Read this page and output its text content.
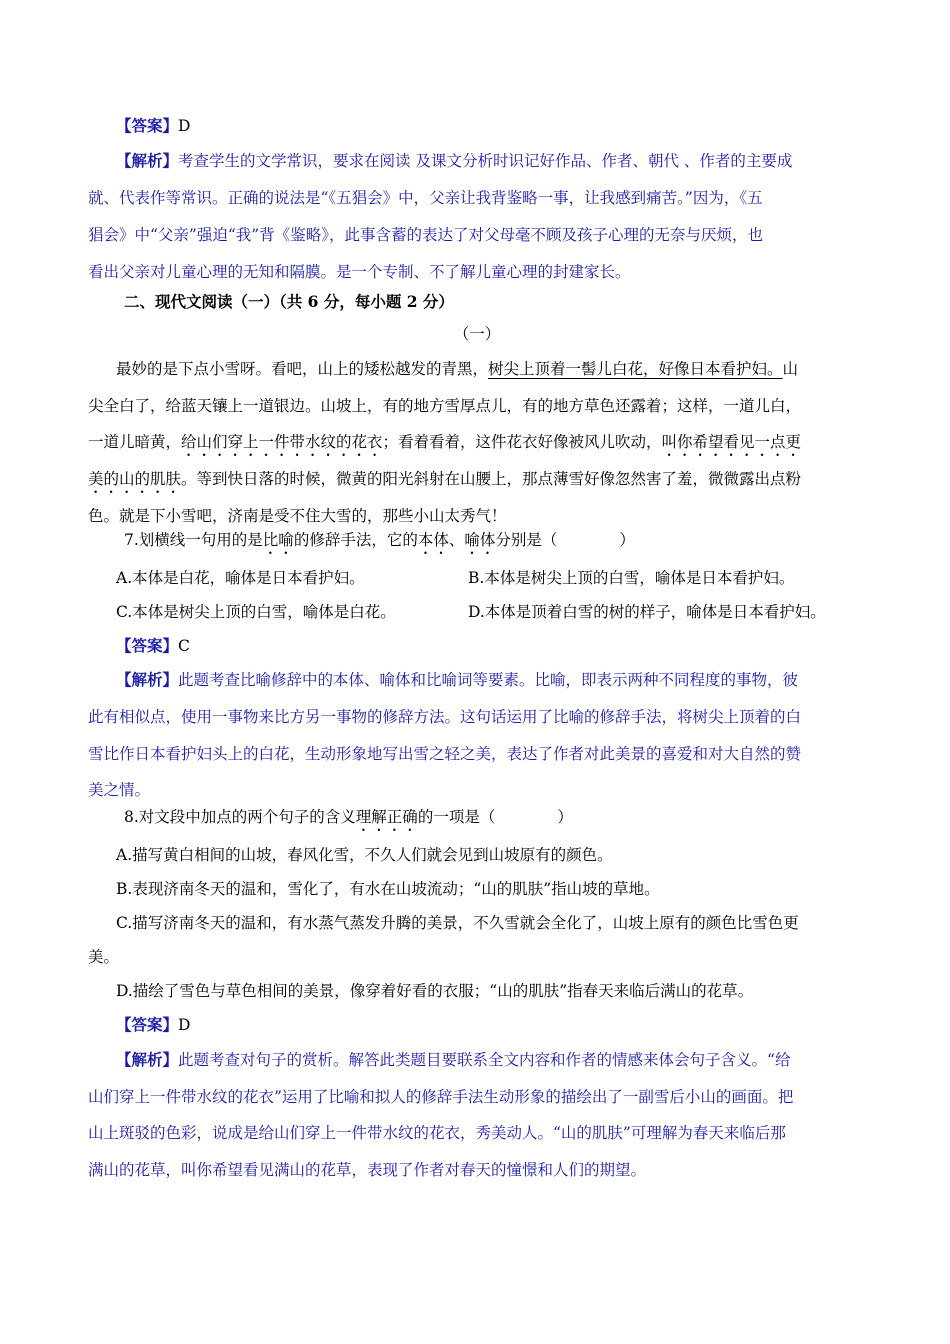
【答案】D
【解析】考查学生的文学常识，要求在阅读 及课文分析时识记好作品、作者、朝代 、作者的主要成
就、代表作等常识。正确的说法是“《五猖会》中，父亲让我背鉴略一事，让我感到痛苦。”因为，《五
猖会》中“父亲”强迫“我”背《鉴略》，此事含蓄的表达了对父母毫不顾及孩子心理的无奈与厌烦，也
看出父亲对儿童心理的无知和隔膜。是一个专制、不了解儿童心理的封建家长。
二、现代文阅读（一）（共 6 分，每小题 2 分）
（一）
最妙的是下点小雪呀。看吧，山上的矮松越发的青黑，树尖上顶着一髻儿白花，好像日本看护妇。山
尖全白了，给蓝天镶上一道银边。山坡上，有的地方雪厚点儿，有的地方草色还露着；这样，一道儿白，
一道儿暗黄，给山们穿上一件带水纹的花衣；看着看着，这件花衣好像被风儿吹动，叫你希望看见一点更
美的山的肌肤。等到快日落的时候，微黄的阳光斜射在山腰上，那点薄雪好像忽然害了羞，微微露出点粉
色。就是下小雪吧，济南是受不住大雪的，那些小山太秀气！
7.划横线一句用的是比喻的修辞手法，它的本体、喻体分别是（　　　　）
A.本体是白花，喻体是日本看护妇。	B.本体是树尖上顶的白雪，喻体是日本看护妇。
C.本体是树尖上顶的白雪，喻体是白花。	D.本体是顶着白雪的树的样子，喻体是日本看护妇。
【答案】C
【解析】此题考查比喻修辞中的本体、喻体和比喻词等要素。比喻，即表示两种不同程度的事物，彼
此有相似点，使用一事物来比方另一事物的修辞方法。这句话运用了比喻的修辞手法，将树尖上顶着的白
雪比作日本看护妇头上的白花，生动形象地写出雪之轻之美，表达了作者对此美景的喜爱和对大自然的赞
美之情。
8.对文段中加点的两个句子的含义理解正确的一项是（　　　　）
A.描写黄白相间的山坡，春风化雪，不久人们就会见到山坡原有的颜色。
B.表现济南冬天的温和，雪化了，有水在山坡流动；“山的肌肤”指山坡的草地。
C.描写济南冬天的温和，有水蒸气蒸发升腾的美景，不久雪就会全化了，山坡上原有的颜色比雪色更
美。
D.描绘了雪色与草色相间的美景，像穿着好看的衣服；“山的肌肤”指春天来临后满山的花草。
【答案】D
【解析】此题考查对句子的赏析。解答此类题目要联系全文内容和作者的情感来体会句子含义。“给
山们穿上一件带水纹的花衣”运用了比喻和拟人的修辞手法生动形象的描绘出了一副雪后小山的画面。把
山上斑驳的色彩，说成是给山们穿上一件带水纹的花衣，秀美动人。“山的肌肤”可理解为春天来临后那
满山的花草，叫你希望看见满山的花草，表现了作者对春天的憧憬和人们的期望。
